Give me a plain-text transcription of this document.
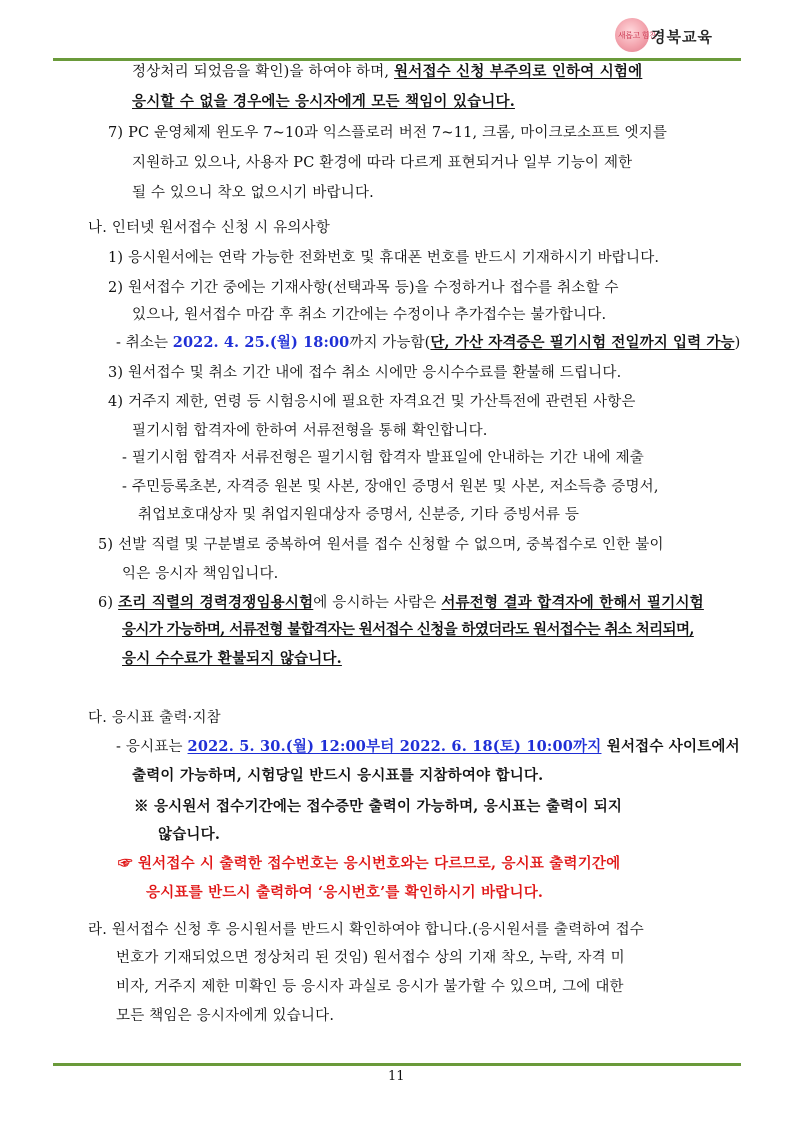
새롭고 힘찬
경북교육
정상처리 되었음을 확인)을 하여야 하며, 원서접수 신청 부주의로 인하여 시험에
응시할 수 없을 경우에는 응시자에게 모든 책임이 있습니다.
7) PC 운영체제 윈도우 7~10과 익스플로러 버전 7~11, 크롬, 마이크로소프트 엣지를
지원하고 있으나, 사용자 PC 환경에 따라 다르게 표현되거나 일부 기능이 제한
될 수 있으니 착오 없으시기 바랍니다.
나. 인터넷 원서접수 신청 시 유의사항
1) 응시원서에는 연락 가능한 전화번호 및 휴대폰 번호를 반드시 기재하시기 바랍니다.
2) 원서접수 기간 중에는 기재사항(선택과목 등)을 수정하거나 접수를 취소할 수
있으나, 원서접수 마감 후 취소 기간에는 수정이나 추가접수는 불가합니다.
- 취소는 2022. 4. 25.(월) 18:00까지 가능함(단, 가산 자격증은 필기시험 전일까지 입력 가능)
3) 원서접수 및 취소 기간 내에 접수 취소 시에만 응시수수료를 환불해 드립니다.
4) 거주지 제한, 연령 등 시험응시에 필요한 자격요건 및 가산특전에 관련된 사항은
필기시험 합격자에 한하여 서류전형을 통해 확인합니다.
- 필기시험 합격자 서류전형은 필기시험 합격자 발표일에 안내하는 기간 내에 제출
- 주민등록초본, 자격증 원본 및 사본, 장애인 증명서 원본 및 사본, 저소득층 증명서,
취업보호대상자 및 취업지원대상자 증명서, 신분증, 기타 증빙서류 등
5) 선발 직렬 및 구분별로 중복하여 원서를 접수 신청할 수 없으며, 중복접수로 인한 불이
익은 응시자 책임입니다.
6) 조리 직렬의 경력경쟁임용시험에 응시하는 사람은 서류전형 결과 합격자에 한해서 필기시험
응시가 가능하며, 서류전형 불합격자는 원서접수 신청을 하였더라도 원서접수는 취소 처리되며,
응시 수수료가 환불되지 않습니다.
다. 응시표 출력·지참
- 응시표는 2022. 5. 30.(월) 12:00부터 2022. 6. 18(토) 10:00까지 원서접수 사이트에서
출력이 가능하며, 시험당일 반드시 응시표를 지참하여야 합니다.
※ 응시원서 접수기간에는 접수증만 출력이 가능하며, 응시표는 출력이 되지
않습니다.
☞ 원서접수 시 출력한 접수번호는 응시번호와는 다르므로, 응시표 출력기간에
응시표를 반드시 출력하여 ‘응시번호’를 확인하시기 바랍니다.
라. 원서접수 신청 후 응시원서를 반드시 확인하여야 합니다.(응시원서를 출력하여 접수
번호가 기재되었으면 정상처리 된 것임) 원서접수 상의 기재 착오, 누락, 자격 미
비자, 거주지 제한 미확인 등 응시자 과실로 응시가 불가할 수 있으며, 그에 대한
모든 책임은 응시자에게 있습니다.
11
